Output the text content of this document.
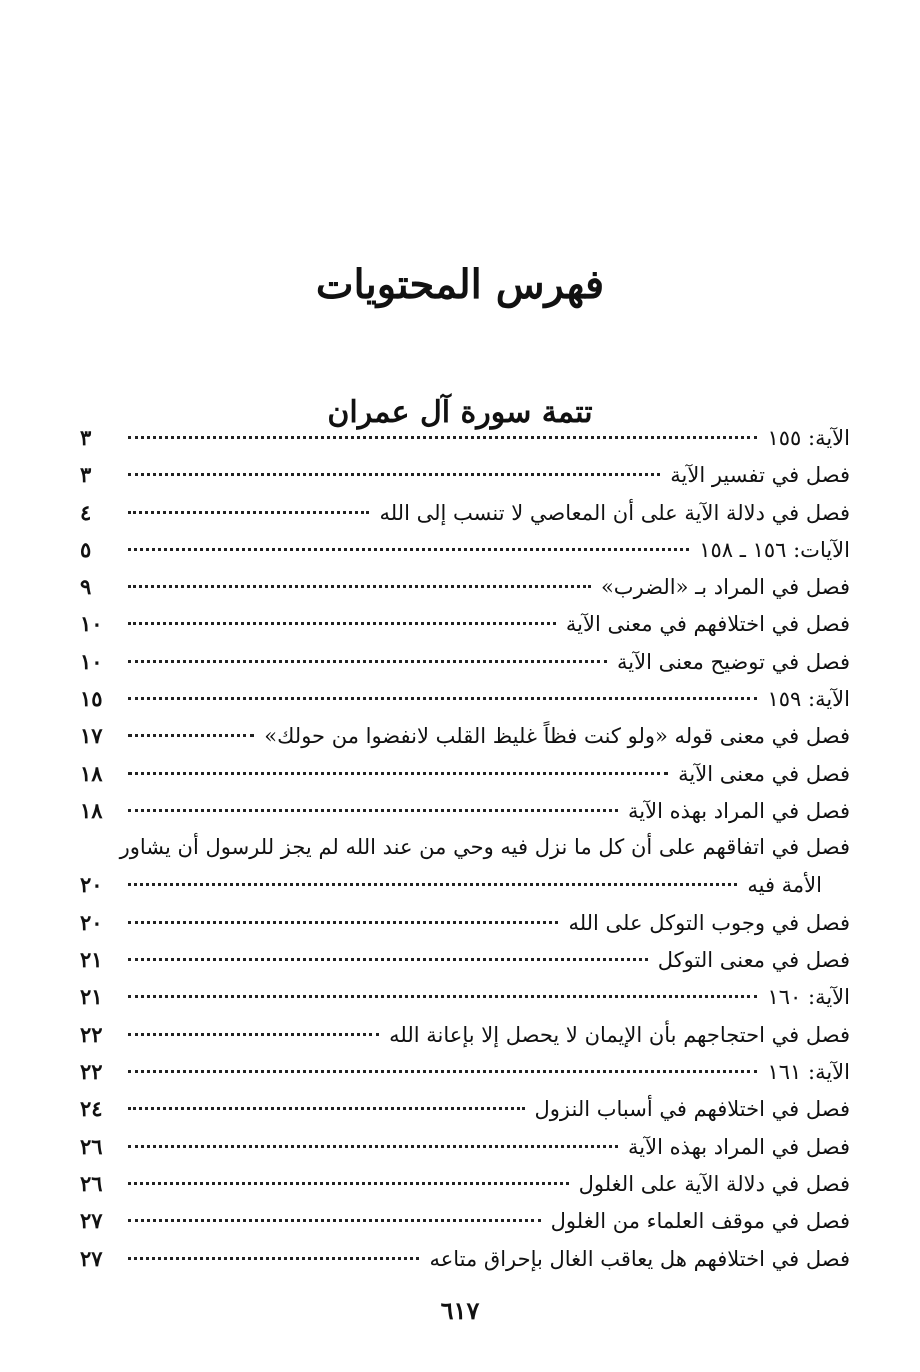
فهرس المحتويات
تتمة سورة آل عمران
الآية: ١٥٥
٣
فصل في تفسير الآية
٣
فصل في دلالة الآية على أن المعاصي لا تنسب إلى الله
٤
الآيات: ١٥٦ ـ ١٥٨
٥
فصل في المراد بـ «الضرب»
٩
فصل في اختلافهم في معنى الآية
١٠
فصل في توضيح معنى الآية
١٠
الآية: ١٥٩
١٥
فصل في معنى قوله «ولو كنت فظاً غليظ القلب لانفضوا من حولك»
١٧
فصل في معنى الآية
١٨
فصل في المراد بهذه الآية
١٨
فصل في اتفاقهم على أن كل ما نزل فيه وحي من عند الله لم يجز للرسول أن يشاور
الأمة فيه
٢٠
فصل في وجوب التوكل على الله
٢٠
فصل في معنى التوكل
٢١
الآية: ١٦٠
٢١
فصل في احتجاجهم بأن الإيمان لا يحصل إلا بإعانة الله
٢٢
الآية: ١٦١
٢٢
فصل في اختلافهم في أسباب النزول
٢٤
فصل في المراد بهذه الآية
٢٦
فصل في دلالة الآية على الغلول
٢٦
فصل في موقف العلماء من الغلول
٢٧
فصل في اختلافهم هل يعاقب الغال بإحراق متاعه
٢٧
٦١٧
